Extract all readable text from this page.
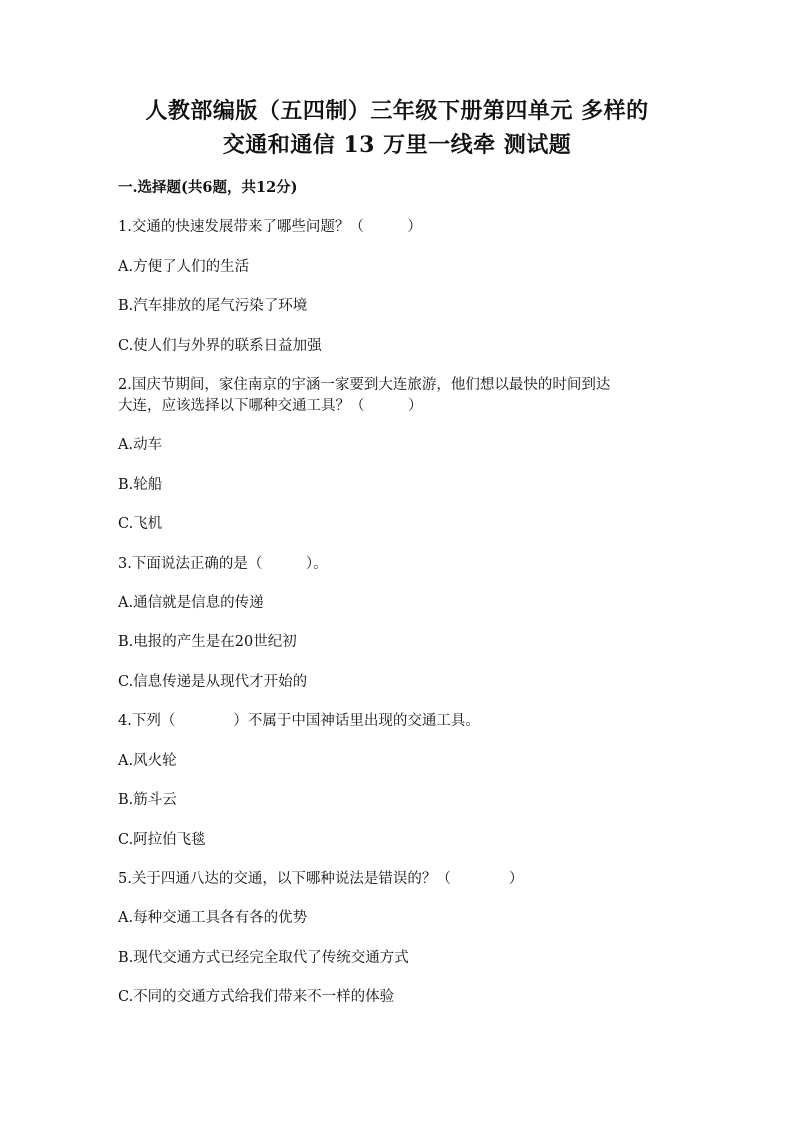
人教部编版（五四制）三年级下册第四单元 多样的
交通和通信 13 万里一线牵 测试题
一.选择题(共6题，共12分)
1.交通的快速发展带来了哪些问题？（　　　）
A.方便了人们的生活
B.汽车排放的尾气污染了环境
C.使人们与外界的联系日益加强
2.国庆节期间，家住南京的宇涵一家要到大连旅游，他们想以最快的时间到达
大连，应该选择以下哪种交通工具？（　　　）
A.动车
B.轮船
C.飞机
3.下面说法正确的是（　　　）。
A.通信就是信息的传递
B.电报的产生是在20世纪初
C.信息传递是从现代才开始的
4.下列（　　　　）不属于中国神话里出现的交通工具。
A.风火轮
B.筋斗云
C.阿拉伯飞毯
5.关于四通八达的交通，以下哪种说法是错误的？（　　　　）
A.每种交通工具各有各的优势
B.现代交通方式已经完全取代了传统交通方式
C.不同的交通方式给我们带来不一样的体验
